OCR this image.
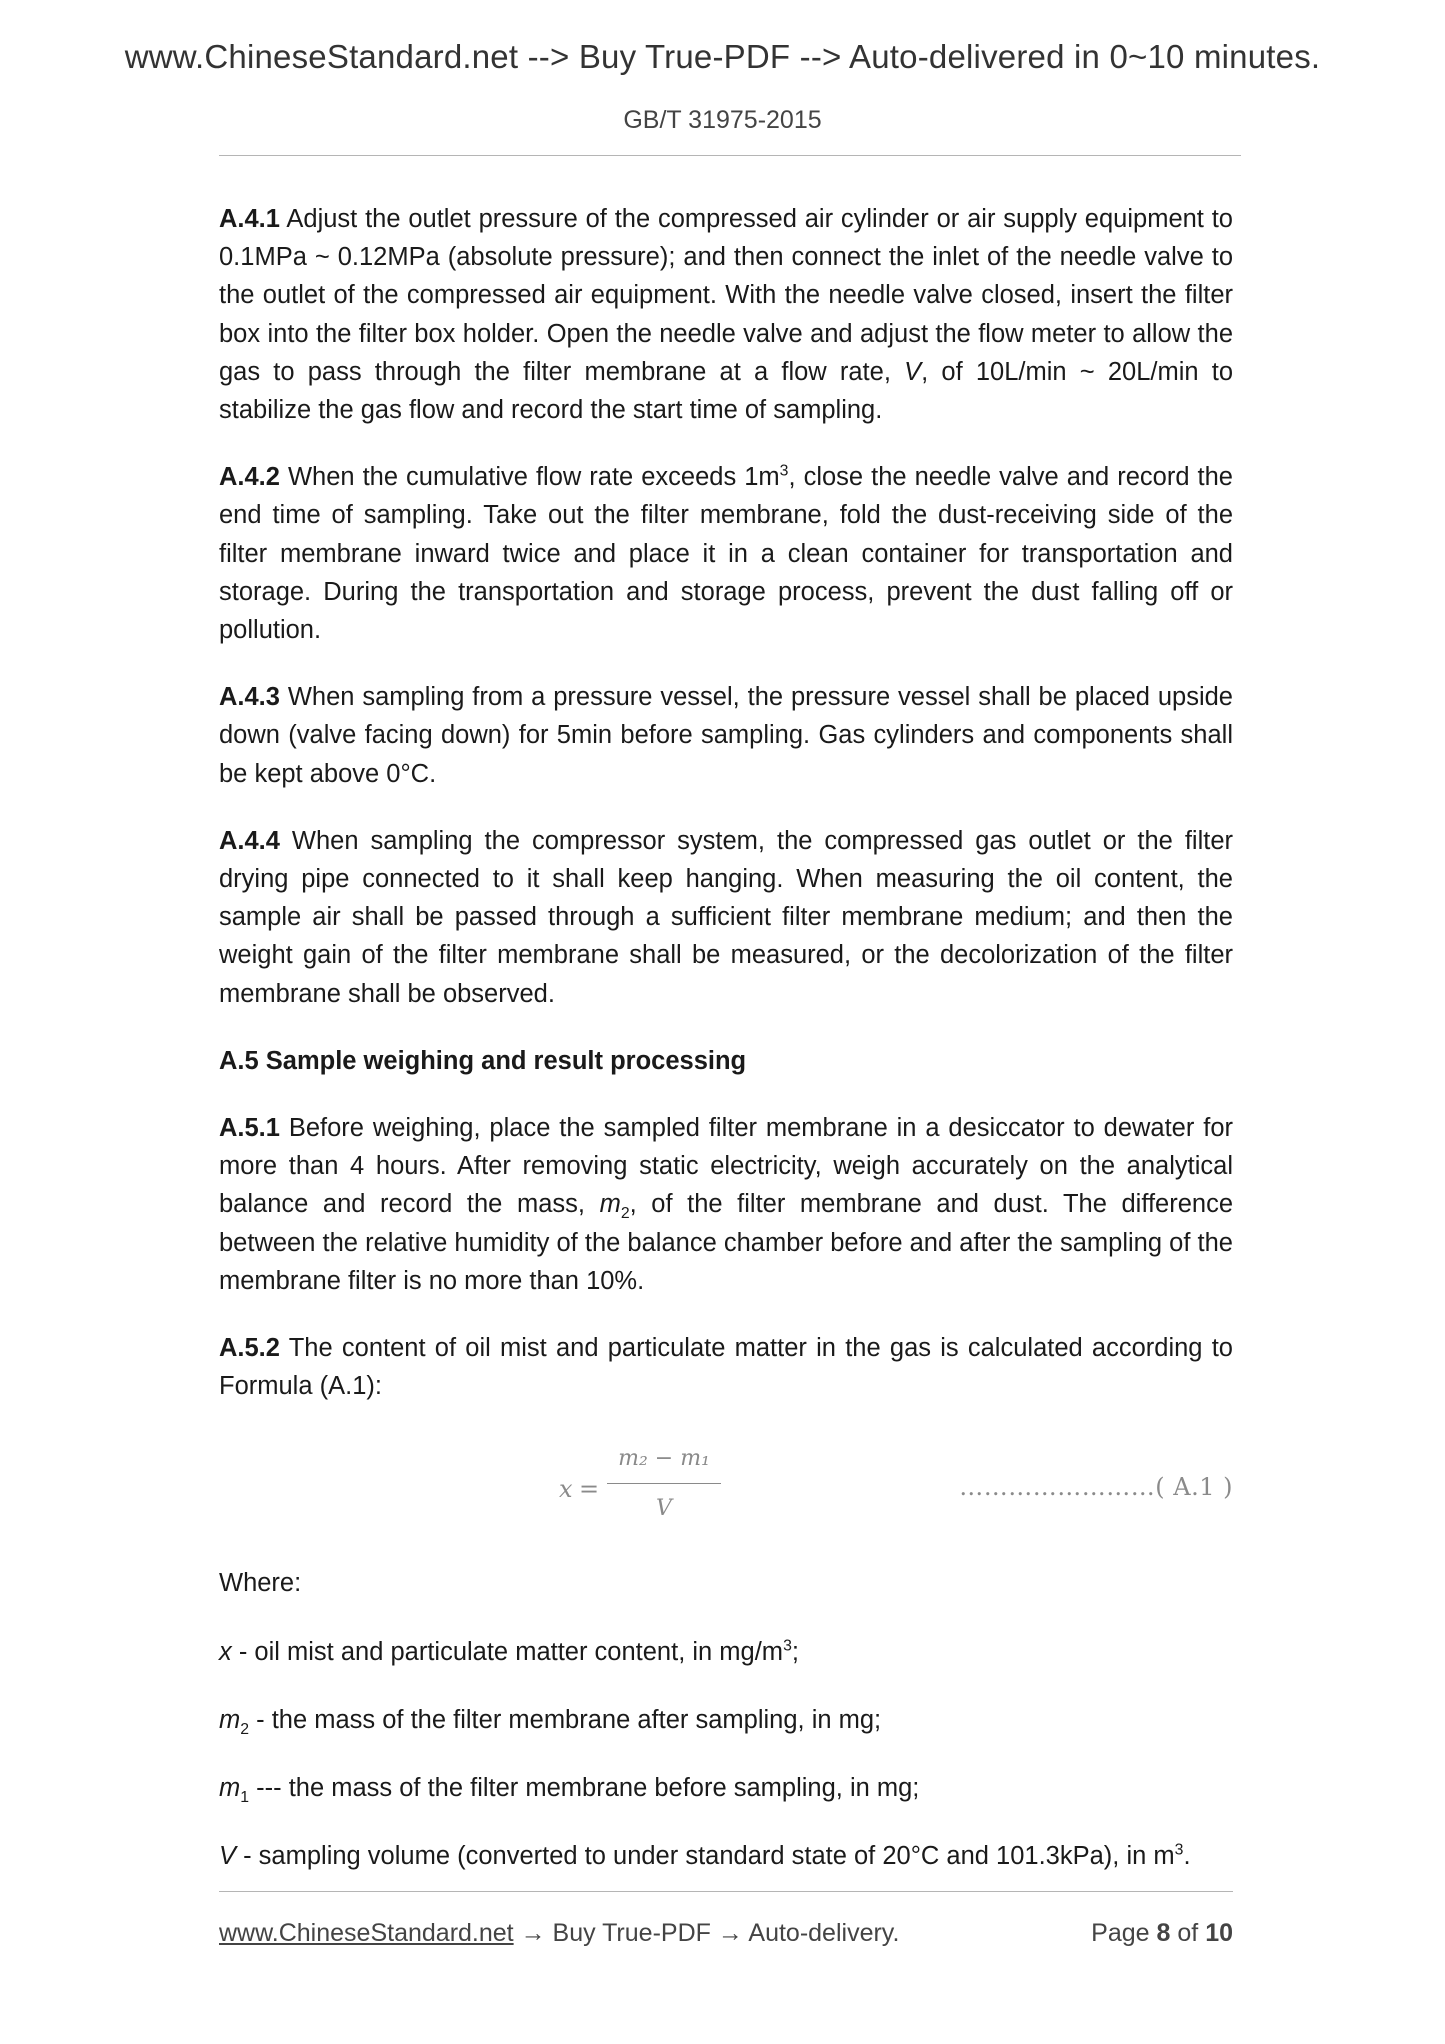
www.ChineseStandard.net --> Buy True-PDF --> Auto-delivered in 0~10 minutes.
GB/T 31975-2015

A.4.1 Adjust the outlet pressure of the compressed air cylinder or air supply equipment to 0.1MPa ~ 0.12MPa (absolute pressure); and then connect the inlet of the needle valve to the outlet of the compressed air equipment. With the needle valve closed, insert the filter box into the filter box holder. Open the needle valve and adjust the flow meter to allow the gas to pass through the filter membrane at a flow rate, V, of 10L/min ~ 20L/min to stabilize the gas flow and record the start time of sampling.

A.4.2 When the cumulative flow rate exceeds $1m^3$, close the needle valve and record the end time of sampling. Take out the filter membrane, fold the dust-receiving side of the filter membrane inward twice and place it in a clean container for transportation and storage. During the transportation and storage process, prevent the dust falling off or pollution.

A.4.3 When sampling from a pressure vessel, the pressure vessel shall be placed upside down (valve facing down) for 5min before sampling. Gas cylinders and components shall be kept above 0°C.

A.4.4 When sampling the compressor system, the compressed gas outlet or the filter drying pipe connected to it shall keep hanging. When measuring the oil content, the sample air shall be passed through a sufficient filter membrane medium; and then the weight gain of the filter membrane shall be measured, or the decolorization of the filter membrane shall be observed.

A.5 Sample weighing and result processing

A.5.1 Before weighing, place the sampled filter membrane in a desiccator to dewater for more than 4 hours. After removing static electricity, weigh accurately on the analytical balance and record the mass, $m_2$, of the filter membrane and dust. The difference between the relative humidity of the balance chamber before and after the sampling of the membrane filter is no more than 10%.

A.5.2 The content of oil mist and particulate matter in the gas is calculated according to Formula (A.1):

x =
m₂ − m₁
V
……………………( A.1 )

Where:

x - oil mist and particulate matter content, in $mg/m^3$;

$m_2$ - the mass of the filter membrane after sampling, in mg;

$m_1$ --- the mass of the filter membrane before sampling, in mg;

V - sampling volume (converted to under standard state of 20°C and 101.3kPa), in $m^3$.

www.ChineseStandard.net → Buy True-PDF → Auto-delivery.	Page 8 of 10
